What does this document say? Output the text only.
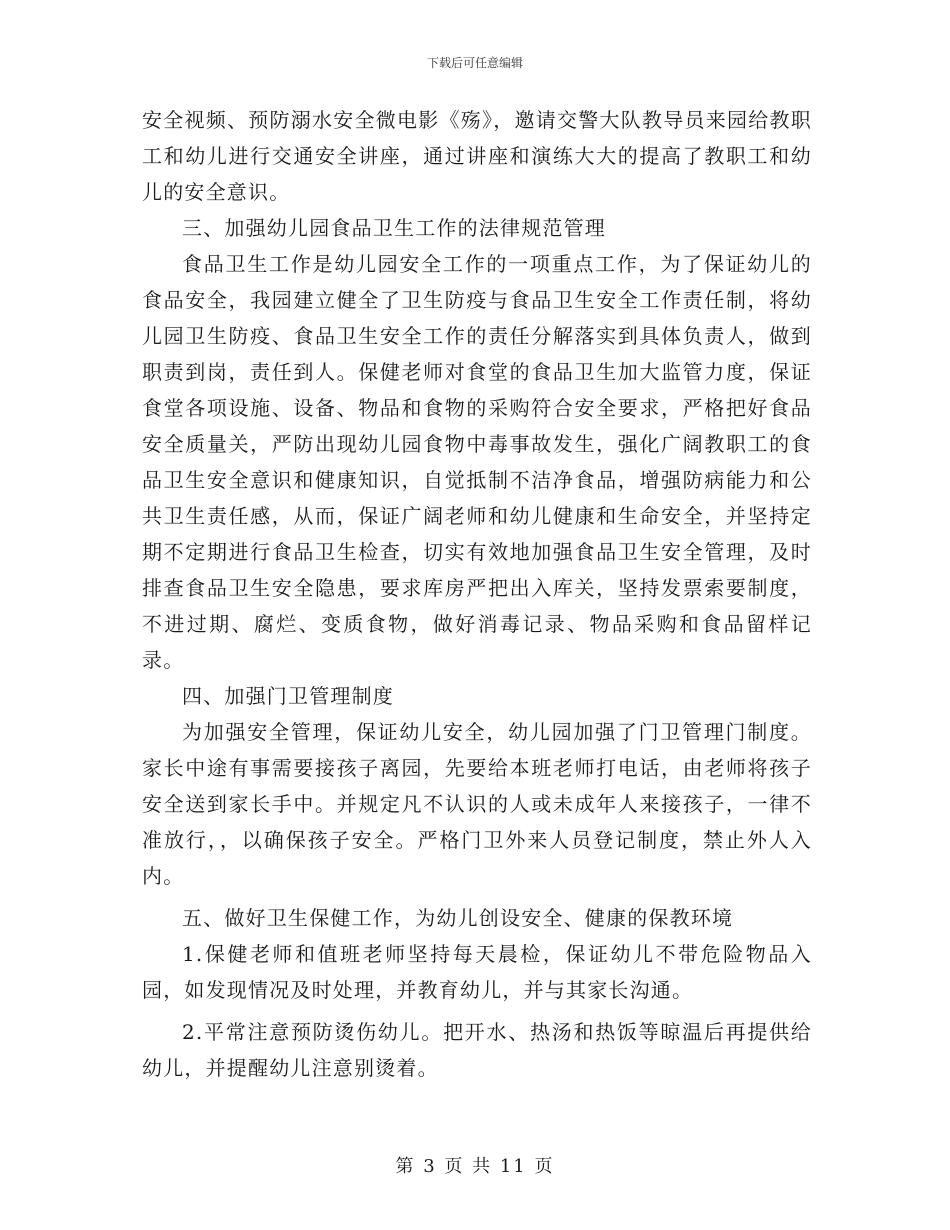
下载后可任意编辑

安全视频、预防溺水安全微电影《殇》，邀请交警大队教导员来园给教职工和幼儿进行交通安全讲座，通过讲座和演练大大的提高了教职工和幼儿的安全意识。

三、加强幼儿园食品卫生工作的法律规范管理

食品卫生工作是幼儿园安全工作的一项重点工作，为了保证幼儿的食品安全，我园建立健全了卫生防疫与食品卫生安全工作责任制，将幼儿园卫生防疫、食品卫生安全工作的责任分解落实到具体负责人，做到职责到岗，责任到人。保健老师对食堂的食品卫生加大监管力度，保证食堂各项设施、设备、物品和食物的采购符合安全要求，严格把好食品安全质量关，严防出现幼儿园食物中毒事故发生，强化广阔教职工的食品卫生安全意识和健康知识，自觉抵制不洁净食品，增强防病能力和公共卫生责任感，从而，保证广阔老师和幼儿健康和生命安全，并坚持定期不定期进行食品卫生检查，切实有效地加强食品卫生安全管理，及时排查食品卫生安全隐患，要求库房严把出入库关，坚持发票索要制度，不进过期、腐烂、变质食物，做好消毒记录、物品采购和食品留样记录。

四、加强门卫管理制度

为加强安全管理，保证幼儿安全，幼儿园加强了门卫管理门制度。家长中途有事需要接孩子离园，先要给本班老师打电话，由老师将孩子安全送到家长手中。并规定凡不认识的人或未成年人来接孩子，一律不准放行，，以确保孩子安全。严格门卫外来人员登记制度，禁止外人入内。

五、做好卫生保健工作，为幼儿创设安全、健康的保教环境

1.保健老师和值班老师坚持每天晨检，保证幼儿不带危险物品入园，如发现情况及时处理，并教育幼儿，并与其家长沟通。

2.平常注意预防烫伤幼儿。把开水、热汤和热饭等晾温后再提供给幼儿，并提醒幼儿注意别烫着。

第 3 页 共 11 页
